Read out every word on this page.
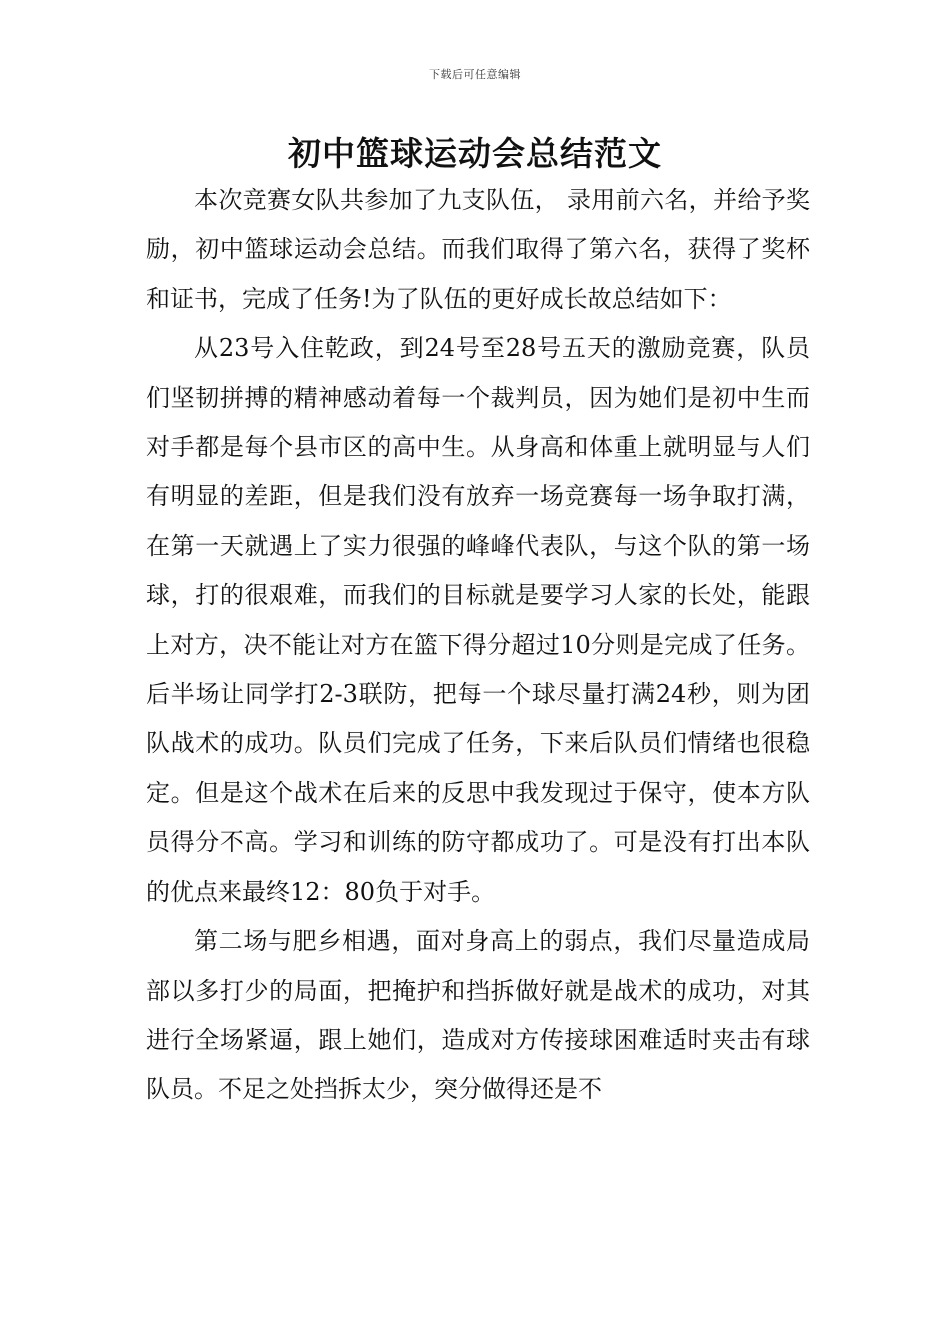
下载后可任意编辑
初中篮球运动会总结范文

本次竞赛女队共参加了九支队伍， 录用前六名，并给予奖励，初中篮球运动会总结。而我们取得了第六名，获得了奖杯和证书，完成了任务!为了队伍的更好成长故总结如下：

从23号入住乾政，到24号至28号五天的激励竞赛，队员们坚韧拼搏的精神感动着每一个裁判员，因为她们是初中生而对手都是每个县市区的高中生。从身高和体重上就明显与人们有明显的差距，但是我们没有放弃一场竞赛每一场争取打满，在第一天就遇上了实力很强的峰峰代表队，与这个队的第一场球，打的很艰难，而我们的目标就是要学习人家的长处，能跟上对方，决不能让对方在篮下得分超过10分则是完成了任务。后半场让同学打2-3联防，把每一个球尽量打满24秒，则为团队战术的成功。队员们完成了任务，下来后队员们情绪也很稳定。但是这个战术在后来的反思中我发现过于保守，使本方队员得分不高。学习和训练的防守都成功了。可是没有打出本队的优点来最终12：80负于对手。

第二场与肥乡相遇，面对身高上的弱点，我们尽量造成局部以多打少的局面，把掩护和挡拆做好就是战术的成功，对其进行全场紧逼，跟上她们，造成对方传接球困难适时夹击有球队员。不足之处挡拆太少，突分做得还是不
